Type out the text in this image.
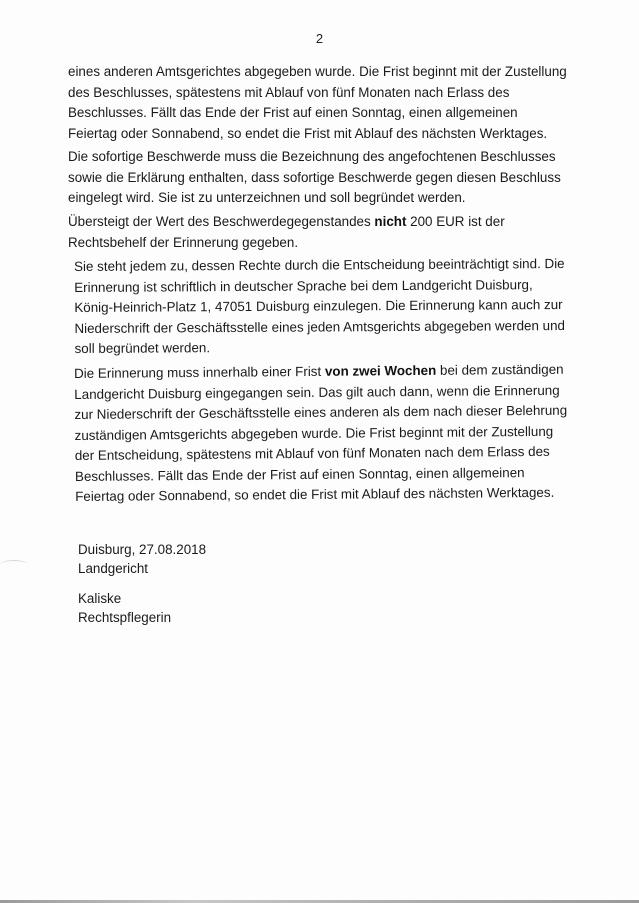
2

eines anderen Amtsgerichtes abgegeben wurde. Die Frist beginnt mit der Zustellung des Beschlusses, spätestens mit Ablauf von fünf Monaten nach Erlass des Beschlusses. Fällt das Ende der Frist auf einen Sonntag, einen allgemeinen Feiertag oder Sonnabend, so endet die Frist mit Ablauf des nächsten Werktages.

Die sofortige Beschwerde muss die Bezeichnung des angefochtenen Beschlusses sowie die Erklärung enthalten, dass sofortige Beschwerde gegen diesen Beschluss eingelegt wird. Sie ist zu unterzeichnen und soll begründet werden.

Übersteigt der Wert des Beschwerdegegenstandes nicht 200 EUR ist der Rechtsbehelf der Erinnerung gegeben.

Sie steht jedem zu, dessen Rechte durch die Entscheidung beeinträchtigt sind. Die Erinnerung ist schriftlich in deutscher Sprache bei dem Landgericht Duisburg, König-Heinrich-Platz 1, 47051 Duisburg einzulegen. Die Erinnerung kann auch zur Niederschrift der Geschäftsstelle eines jeden Amtsgerichts abgegeben werden und soll begründet werden.

Die Erinnerung muss innerhalb einer Frist von zwei Wochen bei dem zuständigen Landgericht Duisburg eingegangen sein. Das gilt auch dann, wenn die Erinnerung zur Niederschrift der Geschäftsstelle eines anderen als dem nach dieser Belehrung zuständigen Amtsgerichts abgegeben wurde. Die Frist beginnt mit der Zustellung der Entscheidung, spätestens mit Ablauf von fünf Monaten nach dem Erlass des Beschlusses. Fällt das Ende der Frist auf einen Sonntag, einen allgemeinen Feiertag oder Sonnabend, so endet die Frist mit Ablauf des nächsten Werktages.

Duisburg, 27.08.2018
Landgericht
Kaliske
Rechtspflegerin
